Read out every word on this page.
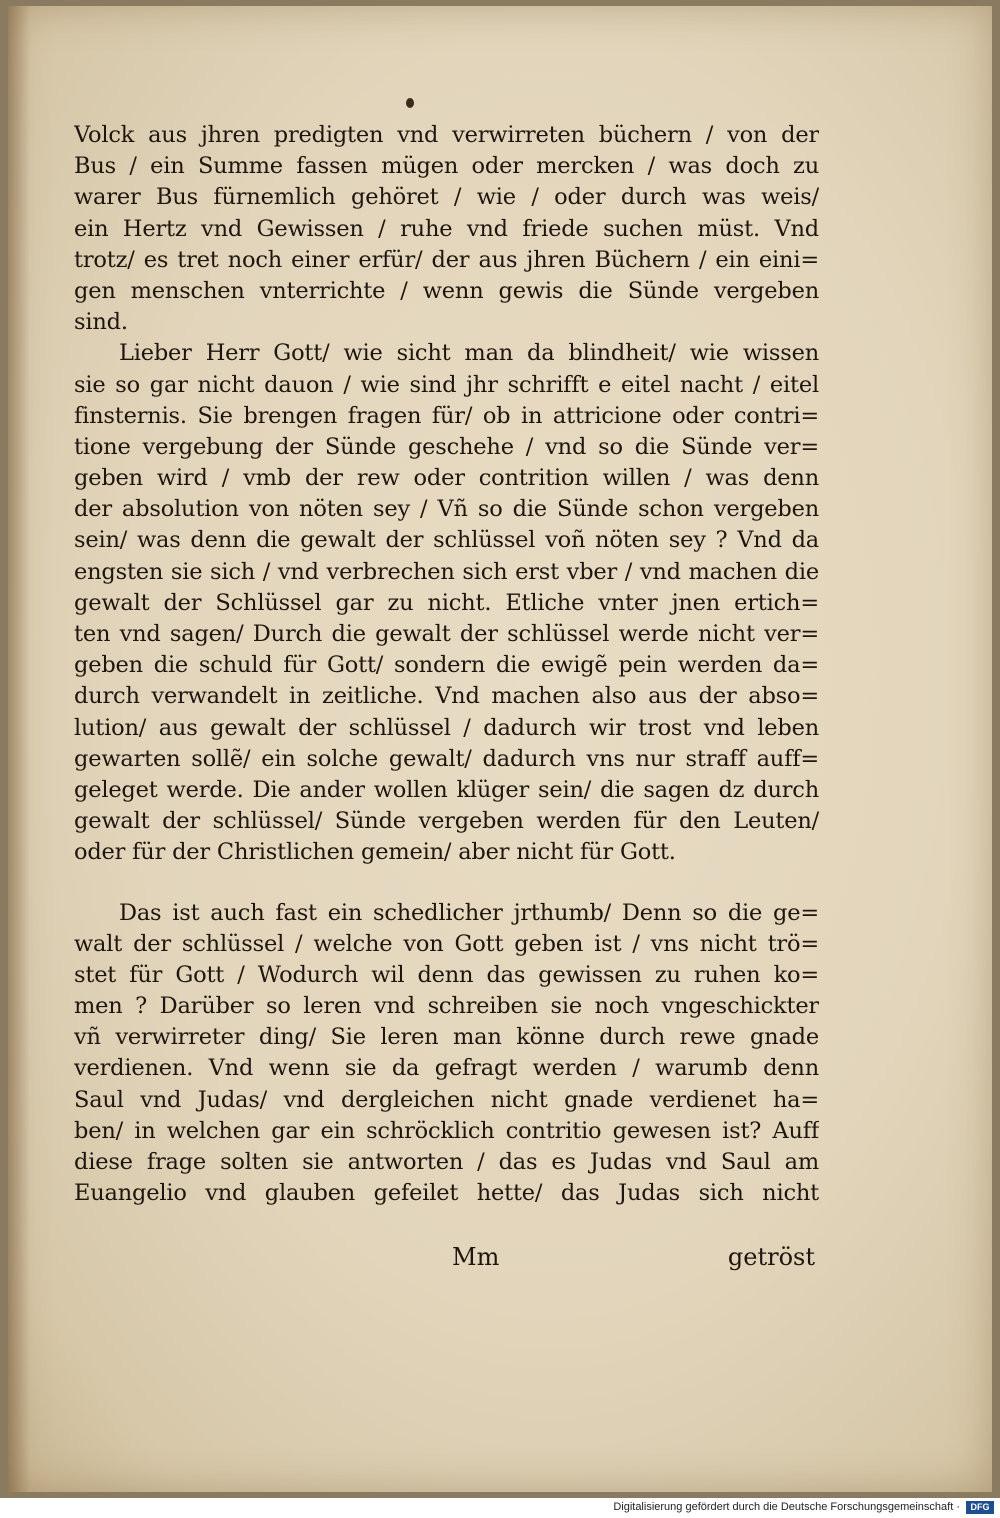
Volck aus jhren predigten vnd verwirreten büchern / von der
Bus / ein Summe fassen mügen oder mercken / was doch zu
warer Bus fürnemlich gehöret / wie / oder durch was weis/
ein Hertz vnd Gewissen / ruhe vnd friede suchen müst. Vnd
trotz/ es tret noch einer erfür/ der aus jhren Büchern / ein eini=
gen menschen vnterrichte / wenn gewis die Sünde vergeben
sind.
Lieber Herr Gott/ wie sicht man da blindheit/ wie wissen
sie so gar nicht dauon / wie sind jhr schrifft e eitel nacht / eitel
finsternis. Sie brengen fragen für/ ob in attricione oder contri=
tione vergebung der Sünde geschehe / vnd so die Sünde ver=
geben wird / vmb der rew oder contrition willen / was denn
der absolution von nöten sey / Vñ so die Sünde schon vergeben
sein/ was denn die gewalt der schlüssel voñ nöten sey ? Vnd da
engsten sie sich / vnd verbrechen sich erst vber / vnd machen die
gewalt der Schlüssel gar zu nicht. Etliche vnter jnen ertich=
ten vnd sagen/ Durch die gewalt der schlüssel werde nicht ver=
geben die schuld für Gott/ sondern die ewigẽ pein werden da=
durch verwandelt in zeitliche. Vnd machen also aus der abso=
lution/ aus gewalt der schlüssel / dadurch wir trost vnd leben
gewarten sollẽ/ ein solche gewalt/ dadurch vns nur straff auff=
geleget werde. Die ander wollen klüger sein/ die sagen dz durch
gewalt der schlüssel/ Sünde vergeben werden für den Leuten/
oder für der Christlichen gemein/ aber nicht für Gott.
Das ist auch fast ein schedlicher jrthumb/ Denn so die ge=
walt der schlüssel / welche von Gott geben ist / vns nicht trö=
stet für Gott / Wodurch wil denn das gewissen zu ruhen ko=
men ? Darüber so leren vnd schreiben sie noch vngeschickter
vñ verwirreter ding/ Sie leren man könne durch rewe gnade
verdienen. Vnd wenn sie da gefragt werden / warumb denn
Saul vnd Judas/ vnd dergleichen nicht gnade verdienet ha=
ben/ in welchen gar ein schröcklich contritio gewesen ist? Auff
diese frage solten sie antworten / das es Judas vnd Saul am
Euangelio vnd glauben gefeilet hette/ das Judas sich nicht
Mm	getröst
Digitalisierung gefördert durch die Deutsche Forschungsgemeinschaft ·	DFG
